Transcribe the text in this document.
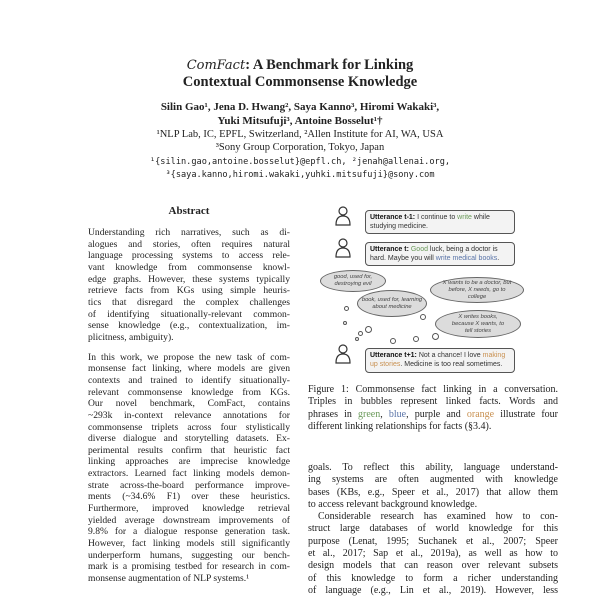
ComFact: A Benchmark for Linking
Contextual Commonsense Knowledge
Silin Gao¹, Jena D. Hwang², Saya Kanno³, Hiromi Wakaki³,
Yuki Mitsufuji³, Antoine Bosselut¹†
¹NLP Lab, IC, EPFL, Switzerland, ²Allen Institute for AI, WA, USA
³Sony Group Corporation, Tokyo, Japan
¹{silin.gao,antoine.bosselut}@epfl.ch, ²jenah@allenai.org,
³{saya.kanno,hiromi.wakaki,yuhki.mitsufuji}@sony.com
Abstract
Understanding rich narratives, such as di-
alogues and stories, often requires natural
language processing systems to access rele-
vant knowledge from commonsense knowl-
edge graphs. However, these systems typically
retrieve facts from KGs using simple heuris-
tics that disregard the complex challenges
of identifying situationally-relevant common-
sense knowledge (e.g., contextualization, im-
plicitness, ambiguity).
In this work, we propose the new task of com-
monsense fact linking, where models are given
contexts and trained to identify situationally-
relevant commonsense knowledge from KGs.
Our novel benchmark, ComFact, contains
~293k in-context relevance annotations for
commonsense triplets across four stylistically
diverse dialogue and storytelling datasets. Ex-
perimental results confirm that heuristic fact
linking approaches are imprecise knowledge
extractors. Learned fact linking models demon-
strate across-the-board performance improve-
ments (~34.6% F1) over these heuristics.
Furthermore, improved knowledge retrieval
yielded average downstream improvements of
9.8% for a dialogue response generation task.
However, fact linking models still significantly
underperform humans, suggesting our bench-
mark is a promising testbed for research in com-
monsense augmentation of NLP systems.¹
Utterance t-1: I continue to write while studying medicine.
Utterance t: Good luck, being a doctor is hard. Maybe you will write medical books.
good, used for, destroying evil
book, used for, learning about medicine
X wants to be a doctor, but before, X needs, go to college
X writes books, because X wants, to tell stories
Utterance t+1: Not a chance! I love making up stories. Medicine is too real sometimes.
Figure 1: Commonsense fact linking in a conversation.
Triples in bubbles represent linked facts. Words and
phrases in green, blue, purple and orange illustrate four
different linking relationships for facts (§3.4).
goals. To reflect this ability, language understand-
ing systems are often augmented with knowledge
bases (KBs, e.g., Speer et al., 2017) that allow them
to access relevant background knowledge.
Considerable research has examined how to con-
struct large databases of world knowledge for this
purpose (Lenat, 1995; Suchanek et al., 2007; Speer
et al., 2017; Sap et al., 2019a), as well as how to
design models that can reason over relevant subsets
of this knowledge to form a richer understanding
of language (e.g., Lin et al., 2019). However, less
